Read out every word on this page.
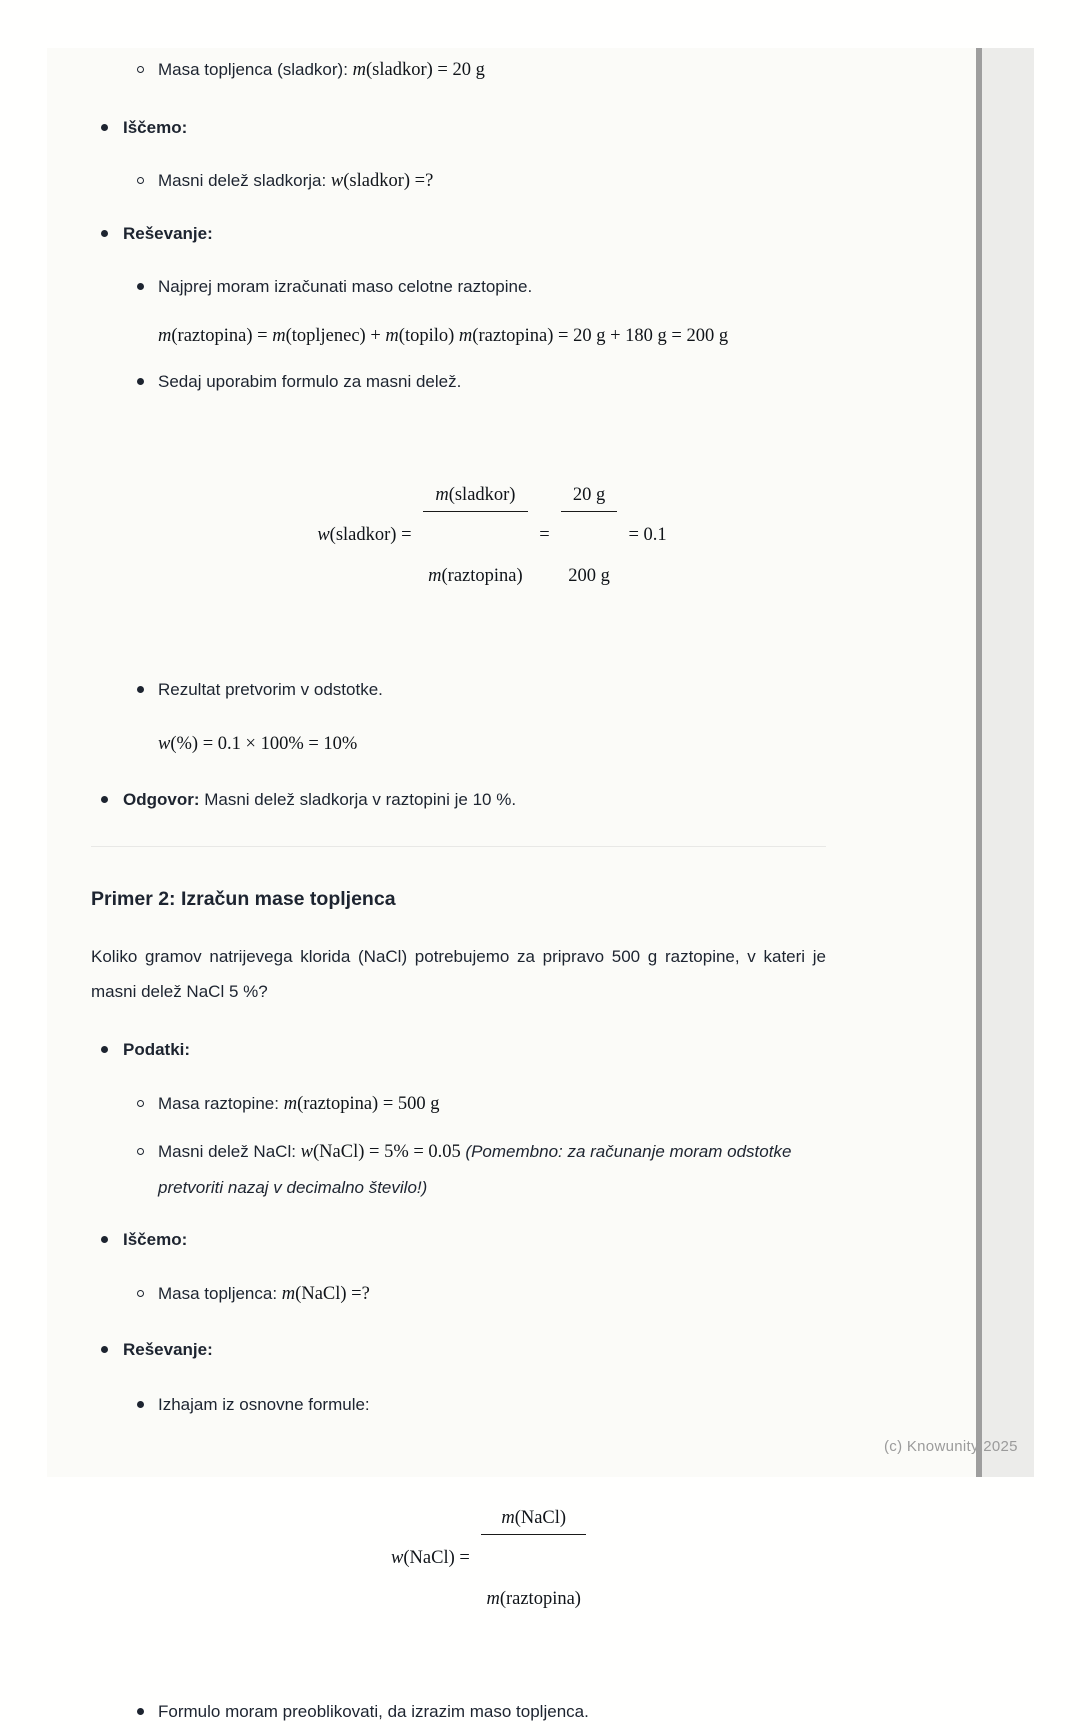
Masa topljenca (sladkor): m(sladkor) = 20 g
Iščemo:
Masni delež sladkorja: w(sladkor) =?
Reševanje:
Najprej moram izračunati maso celotne raztopine.
m(raztopina) = m(topljenec) + m(topilo) m(raztopina) = 20 g + 180 g = 200 g
Sedaj uporabim formulo za masni delež.
w(sladkor) =

$\frac{\text{m(sladkor)}}{\text{m(raztopina)}}$

=

$\frac{20 g}{200 g}$

= 0.1
Rezultat pretvorim v odstotke.
w(%) = 0.1 × 100% = 10%
Odgovor: Masni delež sladkorja v raztopini je 10 %.
Primer 2: Izračun mase topljenca

Koliko gramov natrijevega klorida (NaCl) potrebujemo za pripravo 500 g raztopine, v kateri je masni delež NaCl 5 %?

Podatki:
Masa raztopine: m(raztopina) = 500 g
Masni delež NaCl: w(NaCl) = 5% = 0.05 (Pomembno: za računanje moram odstotke pretvoriti nazaj v decimalno število!)
Iščemo:
Masa topljenca: m(NaCl) =?
Reševanje:
Izhajam iz osnovne formule:
w(NaCl) =

$\frac{\text{m(NaCl)}}{\text{m(raztopina)}}$

Formulo moram preoblikovati, da izrazim maso topljenca.
(c) Knowunity 2025
